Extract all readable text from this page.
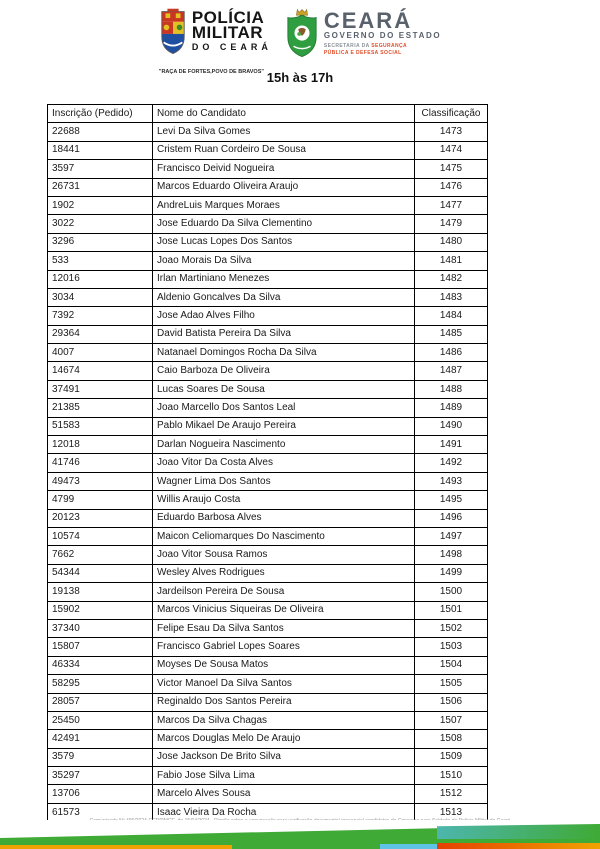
POLÍCIA
MILITAR
DO CEARÁ
"RAÇA DE FORTES,POVO DE BRAVOS"
CEARÁ
GOVERNO DO ESTADO
SECRETARIA DA SEGURANÇA
PÚBLICA E DEFESA SOCIAL
15h às 17h
Inscrição (Pedido)	Nome do Candidato	Classificação
22688	Levi Da Silva Gomes	1473
18441	Cristem Ruan Cordeiro De Sousa	1474
3597	Francisco Deivid Nogueira	1475
26731	Marcos Eduardo Oliveira Araujo	1476
1902	AndreLuis Marques Moraes	1477
3022	Jose Eduardo Da Silva Clementino	1479
3296	Jose Lucas Lopes Dos Santos	1480
533	Joao Morais Da Silva	1481
12016	Irlan Martiniano Menezes	1482
3034	Aldenio Goncalves Da Silva	1483
7392	Jose Adao Alves Filho	1484
29364	David Batista Pereira Da Silva	1485
4007	Natanael Domingos Rocha Da Silva	1486
14674	Caio Barboza De Oliveira	1487
37491	Lucas Soares De Sousa	1488
21385	Joao Marcello Dos Santos Leal	1489
51583	Pablo Mikael De Araujo Pereira	1490
12018	Darlan Nogueira Nascimento	1491
41746	Joao Vitor Da Costa Alves	1492
49473	Wagner Lima Dos Santos	1493
4799	Willis Araujo Costa	1495
20123	Eduardo Barbosa Alves	1496
10574	Maicon Celiomarques Do Nascimento	1497
7662	Joao Vitor Sousa Ramos	1498
54344	Wesley Alves Rodrigues	1499
19138	Jardeilson Pereira De Sousa	1500
15902	Marcos Vinicius Siqueiras De Oliveira	1501
37340	Felipe Esau Da Silva Santos	1502
15807	Francisco Gabriel Lopes Soares	1503
46334	Moyses De Sousa Matos	1504
58295	Victor Manoel Da Silva Santos	1505
28057	Reginaldo Dos Santos Pereira	1506
25450	Marcos Da Silva Chagas	1507
42491	Marcos Douglas Melo De Araujo	1508
3579	Jose Jackson De Brito Silva	1509
35297	Fabio Jose Silva Lima	1510
13706	Marcelo Alves Sousa	1512
61573	Isaac Vieira Da Rocha	1513
